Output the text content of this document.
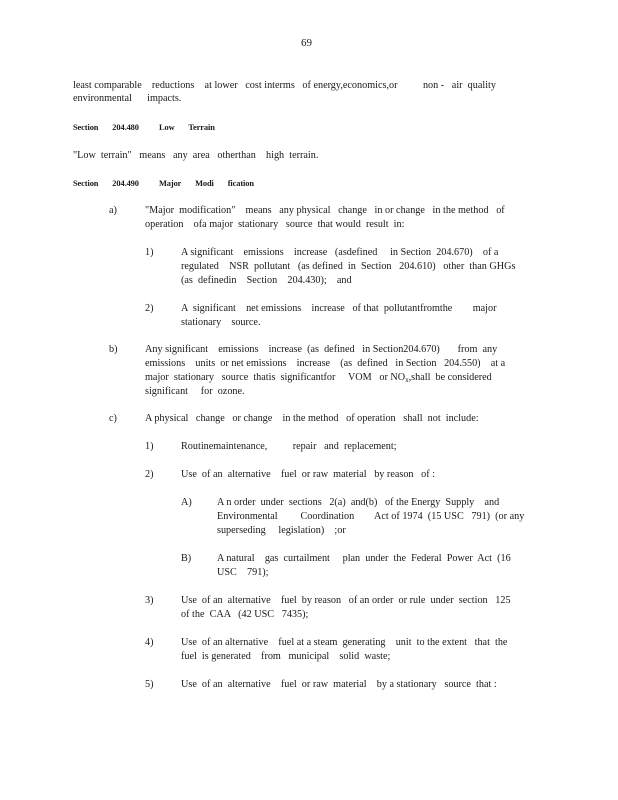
69
least comparable    reductions    at lower   cost interms   of energy,economics,or          non -   air  quality
environmental      impacts.
Section       204.480 Low       Terrain
"Low  terrain"   means   any  area   otherthan    high  terrain.
Section       204.490 Major       Modi       fication
a)	"Major  modification"    means   any physical   change   in or change   in the method   of
operation    ofa major  stationary   source  that would  result  in:
1)	A significant    emissions    increase   (asdefined     in Section  204.670)    of a
regulated    NSR  pollutant   (as defined  in  Section   204.610)   other  than GHGs
(as  definedin    Section    204.430);    and
2)	A  significant    net emissions    increase   of that  pollutantfromthe        major
stationary    source.
b)	Any significant    emissions    increase  (as  defined   in Section204.670)       from  any
emissions    units  or net emissions    increase    (as  defined   in Section   204.550)    at a
major  stationary   source  thatis  significantfor     VOM   or NOx,shall  be considered
significant     for  ozone.
c)	A physical   change   or change    in the method   of operation   shall  not  include:
1)	Routinemaintenance,          repair   and  replacement;
2)	Use  of an  alternative    fuel  or raw  material   by reason   of :
A) A n order  under  sections   2(a)  and(b)   of the Energy  Supply    and
Environmental         Coordination        Act of 1974  (15 USC   791)  (or any
superseding     legislation)    ;or
B)	A natural    gas  curtailment     plan  under  the  Federal  Power  Act  (16
USC    791);
3)	Use  of an  alternative    fuel  by reason   of an order  or rule  under  section   125
of the  CAA   (42 USC   7435);
4)	Use  of an alternative    fuel at a steam  generating    unit  to the extent   that  the
fuel  is generated    from   municipal    solid  waste;
5)	Use  of an  alternative    fuel  or raw  material    by a stationary   source  that :
